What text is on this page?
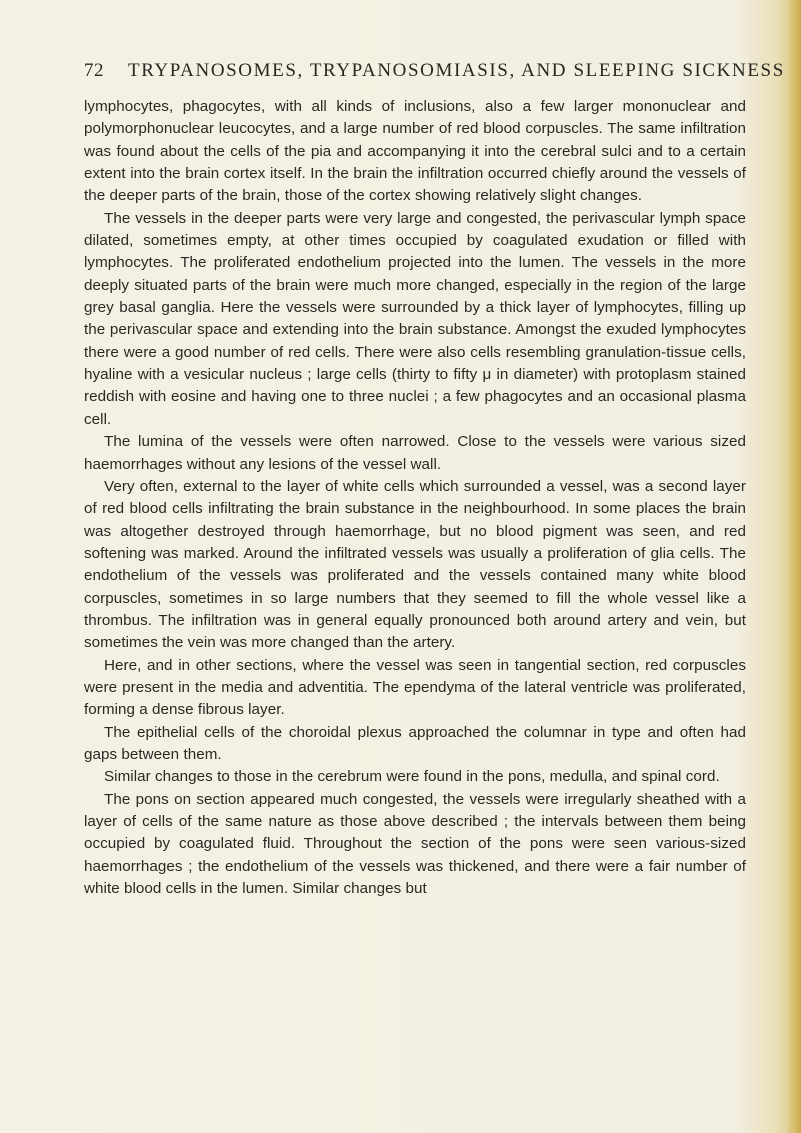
72 TRYPANOSOMES, TRYPANOSOMIASIS, AND SLEEPING SICKNESS

lymphocytes, phagocytes, with all kinds of inclusions, also a few larger mononuclear and polymorphonuclear leucocytes, and a large number of red blood corpuscles. The same infiltration was found about the cells of the pia and accompanying it into the cerebral sulci and to a certain extent into the brain cortex itself. In the brain the infiltration occurred chiefly around the vessels of the deeper parts of the brain, those of the cortex showing relatively slight changes.

The vessels in the deeper parts were very large and congested, the perivascular lymph space dilated, sometimes empty, at other times occupied by coagulated exudation or filled with lymphocytes. The proliferated endothelium projected into the lumen. The vessels in the more deeply situated parts of the brain were much more changed, especially in the region of the large grey basal ganglia. Here the vessels were surrounded by a thick layer of lymphocytes, filling up the perivascular space and extending into the brain substance. Amongst the exuded lymphocytes there were a good number of red cells. There were also cells resembling granulation-tissue cells, hyaline with a vesicular nucleus ; large cells (thirty to fifty μ in diameter) with protoplasm stained reddish with eosine and having one to three nuclei ; a few phagocytes and an occasional plasma cell.

The lumina of the vessels were often narrowed. Close to the vessels were various sized haemorrhages without any lesions of the vessel wall.

Very often, external to the layer of white cells which surrounded a vessel, was a second layer of red blood cells infiltrating the brain substance in the neighbourhood. In some places the brain was altogether destroyed through haemorrhage, but no blood pigment was seen, and red softening was marked. Around the infiltrated vessels was usually a proliferation of glia cells. The endothelium of the vessels was proliferated and the vessels contained many white blood corpuscles, sometimes in so large numbers that they seemed to fill the whole vessel like a thrombus. The infiltration was in general equally pronounced both around artery and vein, but sometimes the vein was more changed than the artery.

Here, and in other sections, where the vessel was seen in tangential section, red corpuscles were present in the media and adventitia. The ependyma of the lateral ventricle was proliferated, forming a dense fibrous layer.

The epithelial cells of the choroidal plexus approached the columnar in type and often had gaps between them.

Similar changes to those in the cerebrum were found in the pons, medulla, and spinal cord.

The pons on section appeared much congested, the vessels were irregularly sheathed with a layer of cells of the same nature as those above described ; the intervals between them being occupied by coagulated fluid. Throughout the section of the pons were seen various-sized haemorrhages ; the endothelium of the vessels was thickened, and there were a fair number of white blood cells in the lumen. Similar changes but
